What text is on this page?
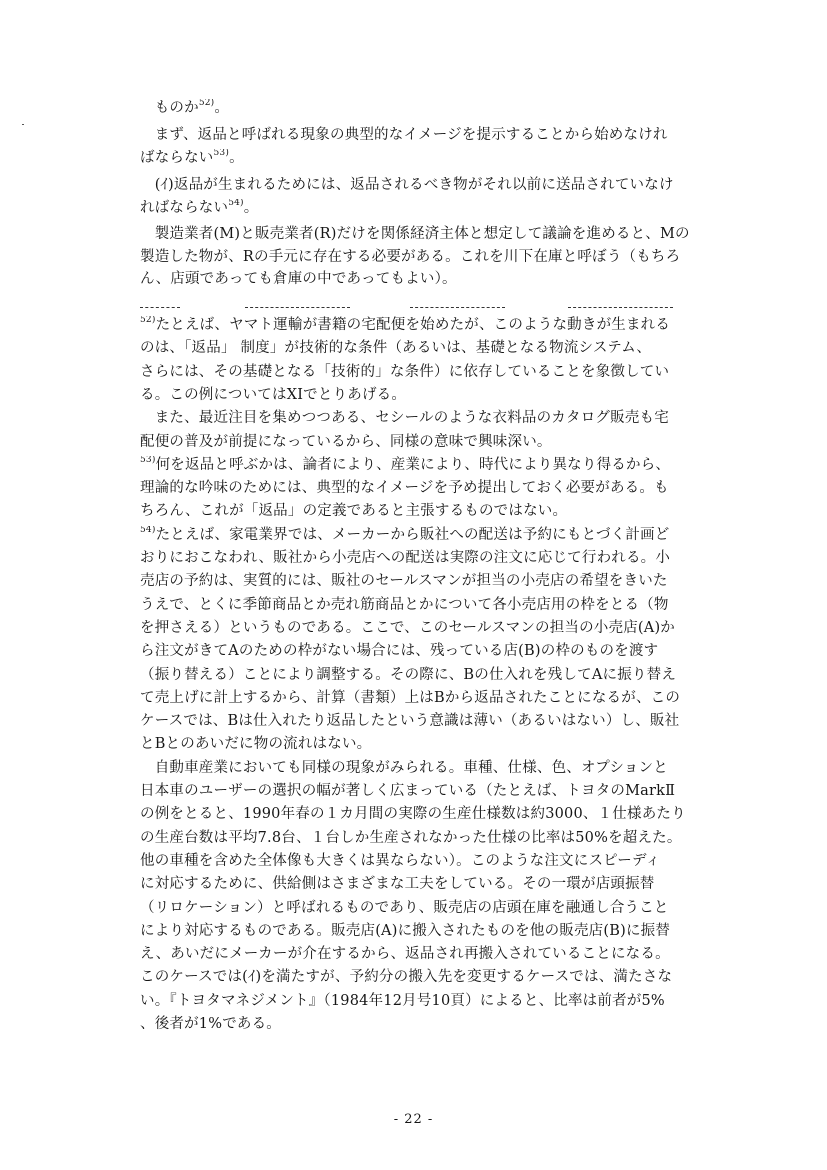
　ものか$^{52)}$。
　まず、返品と呼ばれる現象の典型的なイメージを提示することから始めなけれ
ばならない$^{53)}$。
　(ｲ)返品が生まれるためには、返品されるべき物がそれ以前に送品されていなけ
ればならない$^{54)}$。
　製造業者(M)と販売業者(R)だけを関係経済主体と想定して議論を進めると、Mの
製造した物が、Rの手元に存在する必要がある。これを川下在庫と呼ぼう（もちろ
ん、店頭であっても倉庫の中であってもよい）。
$^{52)}$たとえば、ヤマト運輸が書籍の宅配便を始めたが、このような動きが生まれる
のは、「返品」 制度」が技術的な条件（あるいは、基礎となる物流システム、
さらには、その基礎となる「技術的」な条件）に依存していることを象徴してい
る。この例についてはXIでとりあげる。
　また、最近注目を集めつつある、セシールのような衣料品のカタログ販売も宅
配便の普及が前提になっているから、同様の意味で興味深い。
$^{53)}$何を返品と呼ぶかは、論者により、産業により、時代により異なり得るから、
理論的な吟味のためには、典型的なイメージを予め提出しておく必要がある。も
ちろん、これが「返品」の定義であると主張するものではない。
$^{54)}$たとえば、家電業界では、メーカーから販社への配送は予約にもとづく計画ど
おりにおこなわれ、販社から小売店への配送は実際の注文に応じて行われる。小
売店の予約は、実質的には、販社のセールスマンが担当の小売店の希望をきいた
うえで、とくに季節商品とか売れ筋商品とかについて各小売店用の枠をとる（物
を押さえる）というものである。ここで、このセールスマンの担当の小売店(A)か
ら注文がきてAのための枠がない場合には、残っている店(B)の枠のものを渡す
（振り替える）ことにより調整する。その際に、Bの仕入れを残してAに振り替え
て売上げに計上するから、計算（書類）上はBから返品されたことになるが、この
ケースでは、Bは仕入れたり返品したという意識は薄い（あるいはない）し、販社
とBとのあいだに物の流れはない。
　自動車産業においても同様の現象がみられる。車種、仕様、色、オプションと
日本車のユーザーの選択の幅が著しく広まっている（たとえば、トヨタのMarkⅡ
の例をとると、1990年春の１カ月間の実際の生産仕様数は約3000、１仕様あたり
の生産台数は平均7.8台、１台しか生産されなかった仕様の比率は50%を超えた。
他の車種を含めた全体像も大きくは異ならない）。このような注文にスピーディ
に対応するために、供給側はさまざまな工夫をしている。その一環が店頭振替
（リロケーション）と呼ばれるものであり、販売店の店頭在庫を融通し合うこと
により対応するものである。販売店(A)に搬入されたものを他の販売店(B)に振替
え、あいだにメーカーが介在するから、返品され再搬入されていることになる。
このケースでは(ｲ)を満たすが、予約分の搬入先を変更するケースでは、満たさな
い。『トヨタマネジメント』（1984年12月号10頁）によると、比率は前者が5%
、後者が1%である。
- 22 -
